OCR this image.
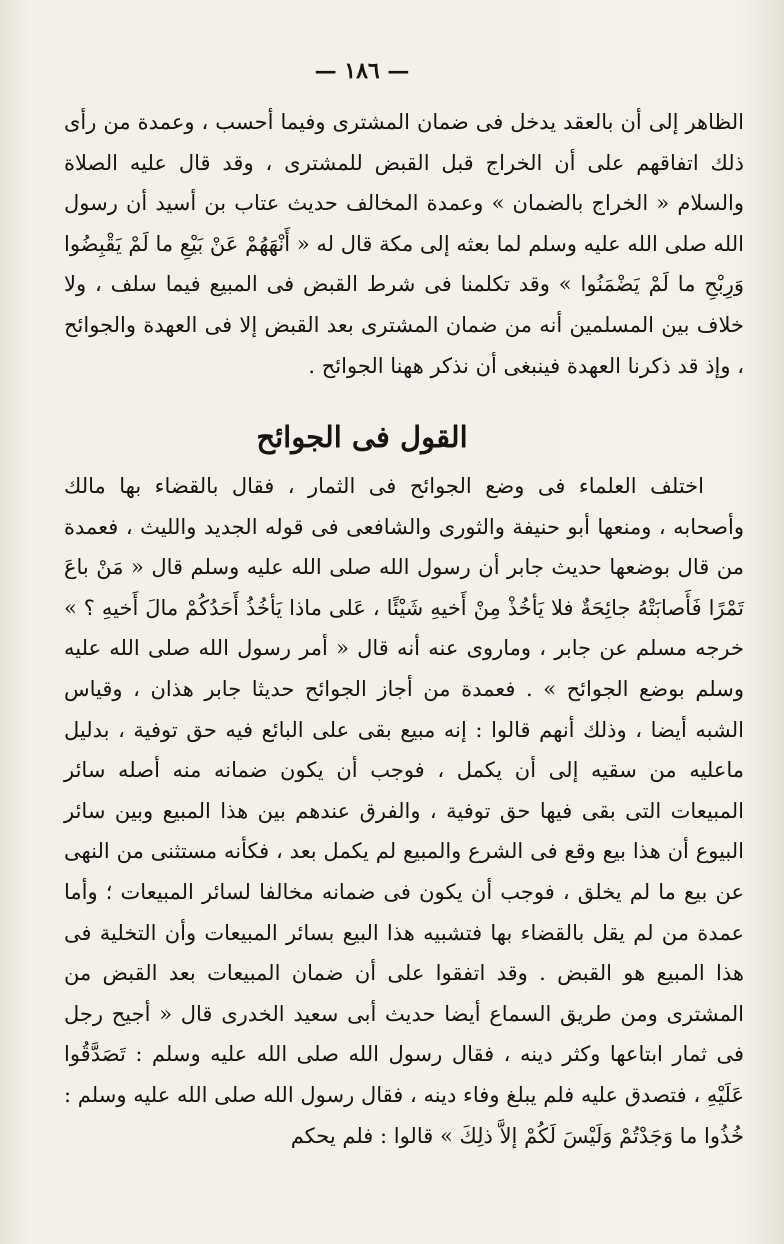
— ١٨٦ —

الظاهر إلى أن بالعقد يدخل فى ضمان المشترى وفيما أحسب ، وعمدة من رأى ذلك اتفاقهم على أن الخراج قبل القبض للمشترى ، وقد قال عليه الصلاة والسلام « الخراج بالضمان » وعمدة المخالف حديث عتاب بن أسيد أن رسول الله صلى الله عليه وسلم لما بعثه إلى مكة قال له « أَنْهَهُمْ عَنْ بَيْعِ ما لَمْ يَقْبِضُوا وَرِبْحِ ما لَمْ يَضْمَنُوا » وقد تكلمنا فى شرط القبض فى المبيع فيما سلف ، ولا خلاف بين المسلمين أنه من ضمان المشترى بعد القبض إلا فى العهدة والجوائح ، وإذ قد ذكرنا العهدة فينبغى أن نذكر ههنا الجوائح .

القول فى الجوائح

اختلف العلماء فى وضع الجوائح فى الثمار ، فقال بالقضاء بها مالك وأصحابه ، ومنعها أبو حنيفة والثورى والشافعى فى قوله الجديد والليث ، فعمدة من قال بوضعها حديث جابر أن رسول الله صلى الله عليه وسلم قال « مَنْ باعَ تَمْرًا فَأَصابَتْهُ جائِحَةٌ فلا يَأخُذْ مِنْ أَخيهِ شَيْئًا ، عَلى ماذا يَأخُذُ أَحَدُكُمْ مالَ أَخيهِ ؟ » خرجه مسلم عن جابر ، وماروى عنه أنه قال « أمر رسول الله صلى الله عليه وسلم بوضع الجوائح » . فعمدة من أجاز الجوائح حديثا جابر هذان ، وقياس الشبه أيضا ، وذلك أنهم قالوا : إنه مبيع بقى على البائع فيه حق توفية ، بدليل ماعليه من سقيه إلى أن يكمل ، فوجب أن يكون ضمانه منه أصله سائر المبيعات التى بقى فيها حق توفية ، والفرق عندهم بين هذا المبيع وبين سائر البيوع أن هذا بيع وقع فى الشرع والمبيع لم يكمل بعد ، فكأنه مستثنى من النهى عن بيع ما لم يخلق ، فوجب أن يكون فى ضمانه مخالفا لسائر المبيعات ؛ وأما عمدة من لم يقل بالقضاء بها فتشبيه هذا البيع بسائر المبيعات وأن التخلية فى هذا المبيع هو القبض . وقد اتفقوا على أن ضمان المبيعات بعد القبض من المشترى ومن طريق السماع أيضا حديث أبى سعيد الخدرى قال « أجيح رجل فى ثمار ابتاعها وكثر دينه ، فقال رسول الله صلى الله عليه وسلم : تَصَدَّقُوا عَلَيْهِ ، فتصدق عليه فلم يبلغ وفاء دينه ، فقال رسول الله صلى الله عليه وسلم : خُذُوا ما وَجَدْتُمْ وَلَيْسَ لَكُمْ إلاَّ ذلِكَ » قالوا : فلم يحكم
